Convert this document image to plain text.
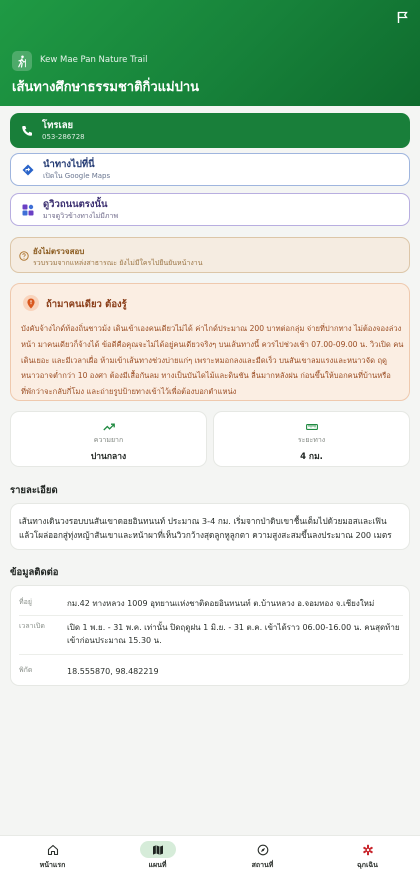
Kew Mae Pan Nature Trail
เส้นทางศึกษาธรรมชาติกิ่วแม่ปาน
โทรเลย
053-286728
นำทางไปที่นี่
เปิดใน Google Maps
ดูวิวถนนตรงนั้น
มาจดูวิวข้างทางไม่มีภาพ
ยังไม่ตรวจสอบ
รวบรวมจากแหล่งสาธารณะ ยังไม่มีใครไปยืนยันหน้างาน
ถ้ามาคนเดียว ต้องรู้
บังคับจ้างไกด์ท้องถิ่นชาวม้ง เดินเข้าเองคนเดียวไม่ได้ ค่าไกด์ประมาณ 200 บาทต่อกลุ่ม จ่ายที่ปากทาง ไม่ต้องจองล่วงหน้า มาคนเดียวก็จ้างได้ ข้อดีคือคุณจะไม่ได้อยู่คนเดียวจริงๆ บนเส้นทางนี้ ควรไปช่วงเช้า 07.00-09.00 น. วิวเปิด คนเดินเยอะ และมีเวลาเผื่อ ห้ามเข้าเส้นทางช่วงบ่ายแก่ๆ เพราะหมอกลงและมืดเร็ว บนสันเขาลมแรงและหนาวจัด ฤดูหนาวอาจต่ำกว่า 10 องศา ต้องมีเสื้อกันลม ทางเป็นบันไดไม้และดินชัน ลื่นมากหลังฝน ก่อนขึ้นให้บอกคนที่บ้านหรือที่พักว่าจะกลับกี่โมง และถ่ายรูปป้ายทางเข้าไว้เพื่อต้องบอกตำแหน่ง
ความยาก
ปานกลาง
ระยะทาง
4 กม.
รายละเอียด
เส้นทางเดินวงรอบบนสันเขาดอยอินทนนท์ ประมาณ 3-4 กม. เริ่มจากป่าดิบเขาชื้นเต็มไปด้วยมอสและเฟิน แล้วโผล่ออกสู่ทุ่งหญ้าสันเขาและหน้าผาที่เห็นวิวกว้างสุดลูกหูลูกตา ความสูงสะสมขึ้นลงประมาณ 200 เมตร
ข้อมูลติดต่อ
ที่อยู่	กม.42 ทางหลวง 1009 อุทยานแห่งชาติดอยอินทนนท์ ต.บ้านหลวง อ.จอมทอง จ.เชียงใหม่
เวลาเปิด	เปิด 1 พ.ย. - 31 พ.ค. เท่านั้น ปิดฤดูฝน 1 มิ.ย. - 31 ต.ค. เข้าได้ราว 06.00-16.00 น. คนสุดท้ายเข้าก่อนประมาณ 15.30 น.
พิกัด	18.555870, 98.482219
หน้าแรก	แผนที่	สถานที่	ฉุกเฉิน
